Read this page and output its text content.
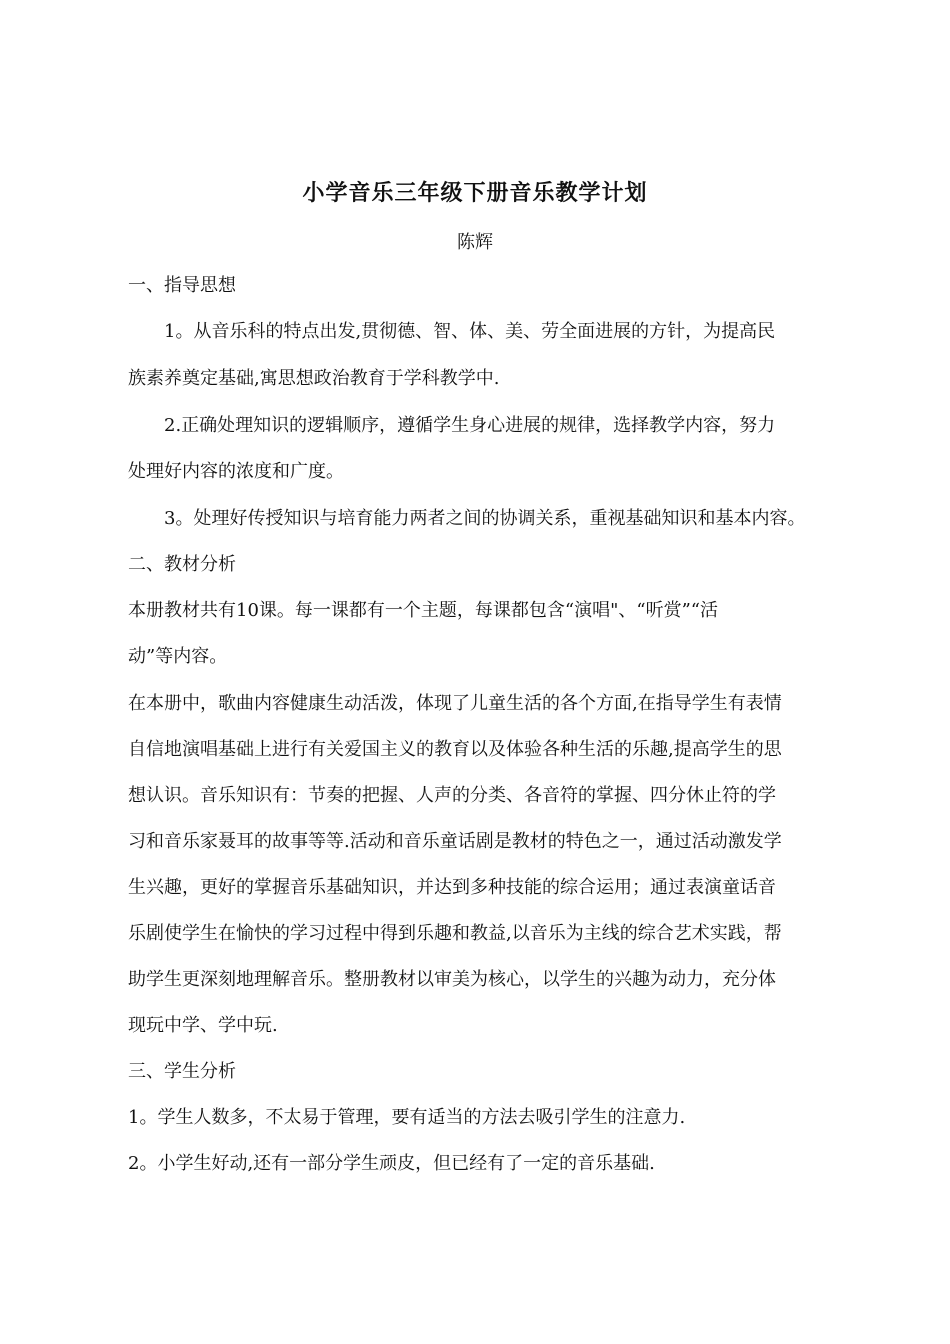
小学音乐三年级下册音乐教学计划
陈辉
一、指导思想
1。从音乐科的特点出发,贯彻德、智、体、美、劳全面进展的方针，为提高民
族素养奠定基础,寓思想政治教育于学科教学中.
2.正确处理知识的逻辑顺序，遵循学生身心进展的规律，选择教学内容，努力
处理好内容的浓度和广度。
3。处理好传授知识与培育能力两者之间的协调关系，重视基础知识和基本内容。
二、教材分析
本册教材共有10课。每一课都有一个主题，每课都包含“演唱"、“听赏”“活
动”等内容。
在本册中，歌曲内容健康生动活泼，体现了儿童生活的各个方面,在指导学生有表情
自信地演唱基础上进行有关爱国主义的教育以及体验各种生活的乐趣,提高学生的思
想认识。音乐知识有：节奏的把握、人声的分类、各音符的掌握、四分休止符的学
习和音乐家聂耳的故事等等.活动和音乐童话剧是教材的特色之一，通过活动激发学
生兴趣，更好的掌握音乐基础知识，并达到多种技能的综合运用；通过表演童话音
乐剧使学生在愉快的学习过程中得到乐趣和教益,以音乐为主线的综合艺术实践，帮
助学生更深刻地理解音乐。整册教材以审美为核心，以学生的兴趣为动力，充分体
现玩中学、学中玩.
三、学生分析
1。学生人数多，不太易于管理，要有适当的方法去吸引学生的注意力.
2。小学生好动,还有一部分学生顽皮，但已经有了一定的音乐基础.
